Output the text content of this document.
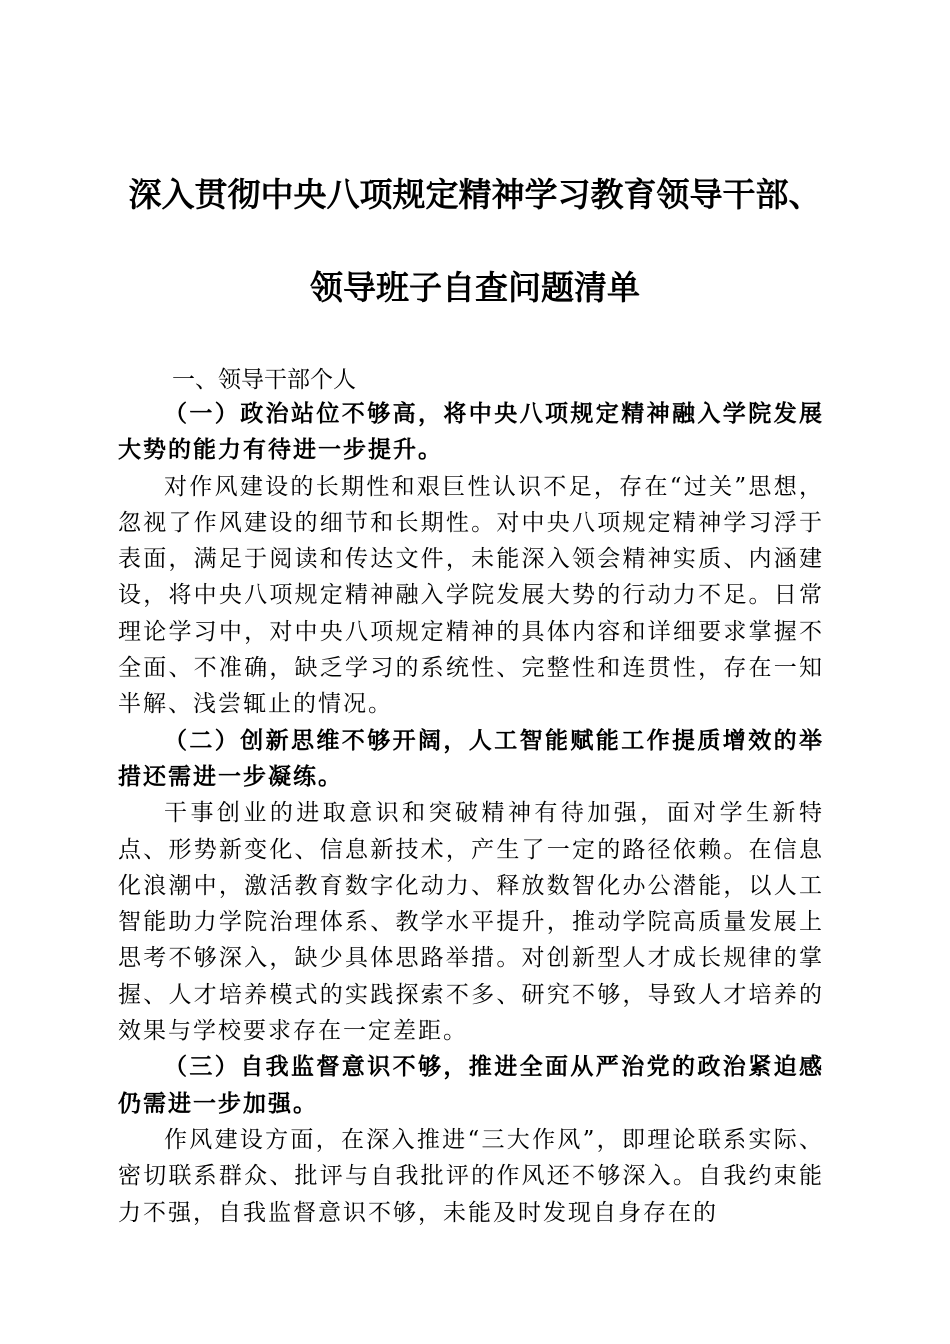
深入贯彻中央八项规定精神学习教育领导干部、
领导班子自查问题清单
一、领导干部个人

（一）政治站位不够高，将中央八项规定精神融入学院发展大势的能力有待进一步提升。

对作风建设的长期性和艰巨性认识不足，存在“过关”思想，忽视了作风建设的细节和长期性。对中央八项规定精神学习浮于表面，满足于阅读和传达文件，未能深入领会精神实质、内涵建设，将中央八项规定精神融入学院发展大势的行动力不足。日常理论学习中，对中央八项规定精神的具体内容和详细要求掌握不全面、不准确，缺乏学习的系统性、完整性和连贯性，存在一知半解、浅尝辄止的情况。

（二）创新思维不够开阔，人工智能赋能工作提质增效的举措还需进一步凝练。

干事创业的进取意识和突破精神有待加强，面对学生新特点、形势新变化、信息新技术，产生了一定的路径依赖。在信息化浪潮中，激活教育数字化动力、释放数智化办公潜能，以人工智能助力学院治理体系、教学水平提升，推动学院高质量发展上思考不够深入，缺少具体思路举措。对创新型人才成长规律的掌握、人才培养模式的实践探索不多、研究不够，导致人才培养的效果与学校要求存在一定差距。

（三）自我监督意识不够，推进全面从严治党的政治紧迫感仍需进一步加强。

作风建设方面，在深入推进“三大作风”，即理论联系实际、密切联系群众、批评与自我批评的作风还不够深入。自我约束能力不强，自我监督意识不够，未能及时发现自身存在的
